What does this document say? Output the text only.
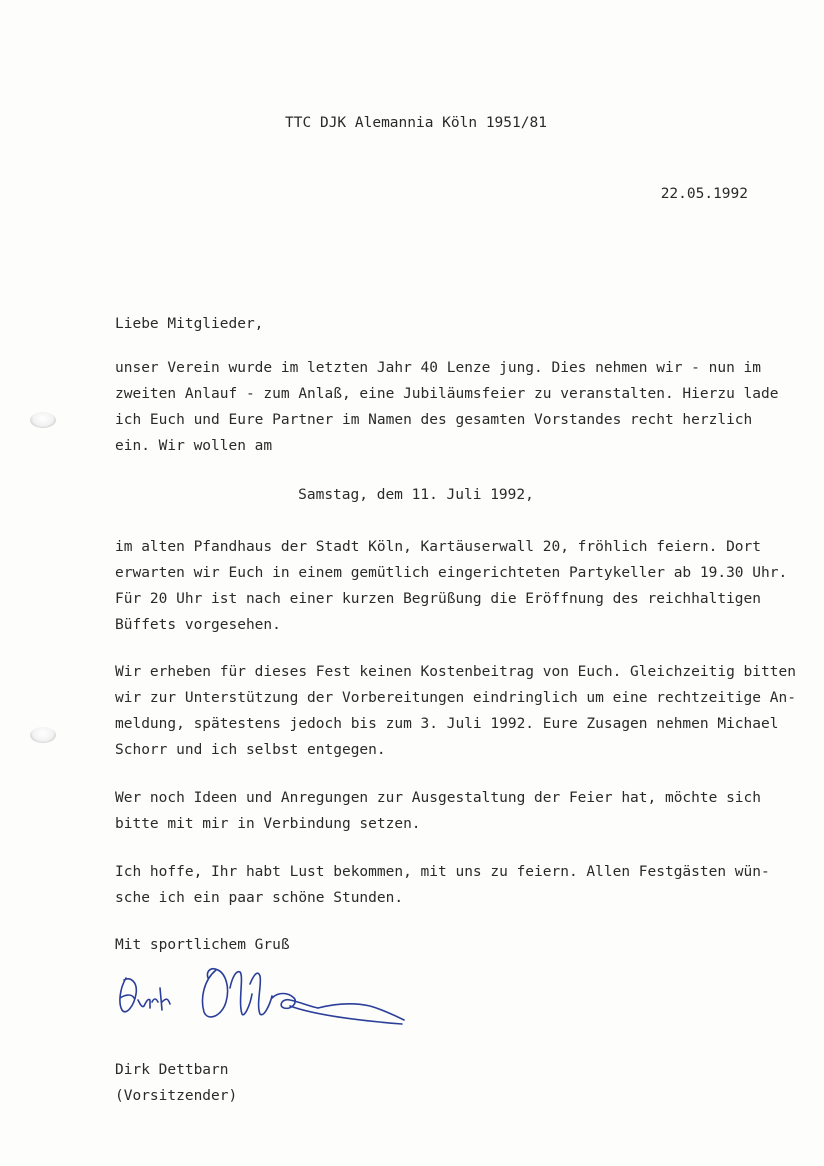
TTC DJK Alemannia Köln 1951/81
22.05.1992
Liebe Mitglieder,
unser Verein wurde im letzten Jahr 40 Lenze jung. Dies nehmen wir - nun im
zweiten Anlauf - zum Anlaß, eine Jubiläumsfeier zu veranstalten. Hierzu lade
ich Euch und Eure Partner im Namen des gesamten Vorstandes recht herzlich
ein. Wir wollen am
Samstag, dem 11. Juli 1992,
im alten Pfandhaus der Stadt Köln, Kartäuserwall 20, fröhlich feiern. Dort
erwarten wir Euch in einem gemütlich eingerichteten Partykeller ab 19.30 Uhr.
Für 20 Uhr ist nach einer kurzen Begrüßung die Eröffnung des reichhaltigen
Büffets vorgesehen.
Wir erheben für dieses Fest keinen Kostenbeitrag von Euch. Gleichzeitig bitten
wir zur Unterstützung der Vorbereitungen eindringlich um eine rechtzeitige An-
meldung, spätestens jedoch bis zum 3. Juli 1992. Eure Zusagen nehmen Michael
Schorr und ich selbst entgegen.
Wer noch Ideen und Anregungen zur Ausgestaltung der Feier hat, möchte sich
bitte mit mir in Verbindung setzen.
Ich hoffe, Ihr habt Lust bekommen, mit uns zu feiern. Allen Festgästen wün-
sche ich ein paar schöne Stunden.
Mit sportlichem Gruß
Dirk Dettbarn
(Vorsitzender)
